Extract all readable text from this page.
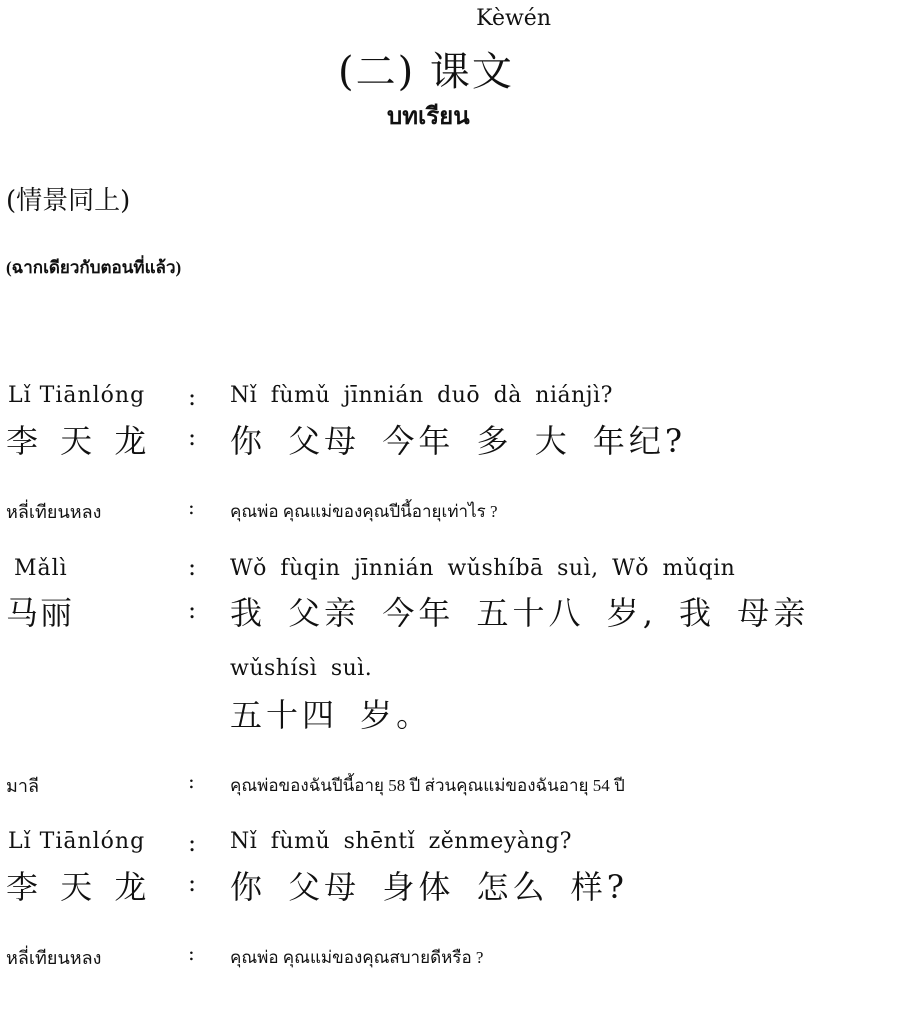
Kèwén
(二) 课文
บทเรียน
(情景同上)
(ฉากเดียวกับตอนที่แล้ว)
Lǐ Tiānlóng : Nǐ fùmǔ jīnnián duō dà niánjì?
李 天 龙 : 你 父母 今年 多 大 年纪?
หลี่เทียนหลง	: คุณพ่อ คุณแม่ของคุณปีนี้อายุเท่าไร ?
Mǎlì	: Wǒ fùqin jīnnián wǔshíbā suì, Wǒ mǔqin
马丽	: 我 父亲 今年 五十八 岁, 我 母亲
wǔshísì suì.
五十四 岁。
มาลี	: คุณพ่อของฉันปีนี้อายุ 58 ปี ส่วนคุณแม่ของฉันอายุ 54 ปี
Lǐ Tiānlóng : Nǐ fùmǔ shēntǐ zěnmeyàng?
李 天 龙 : 你 父母 身体 怎么 样?
หลี่เทียนหลง	: คุณพ่อ คุณแม่ของคุณสบายดีหรือ ?
